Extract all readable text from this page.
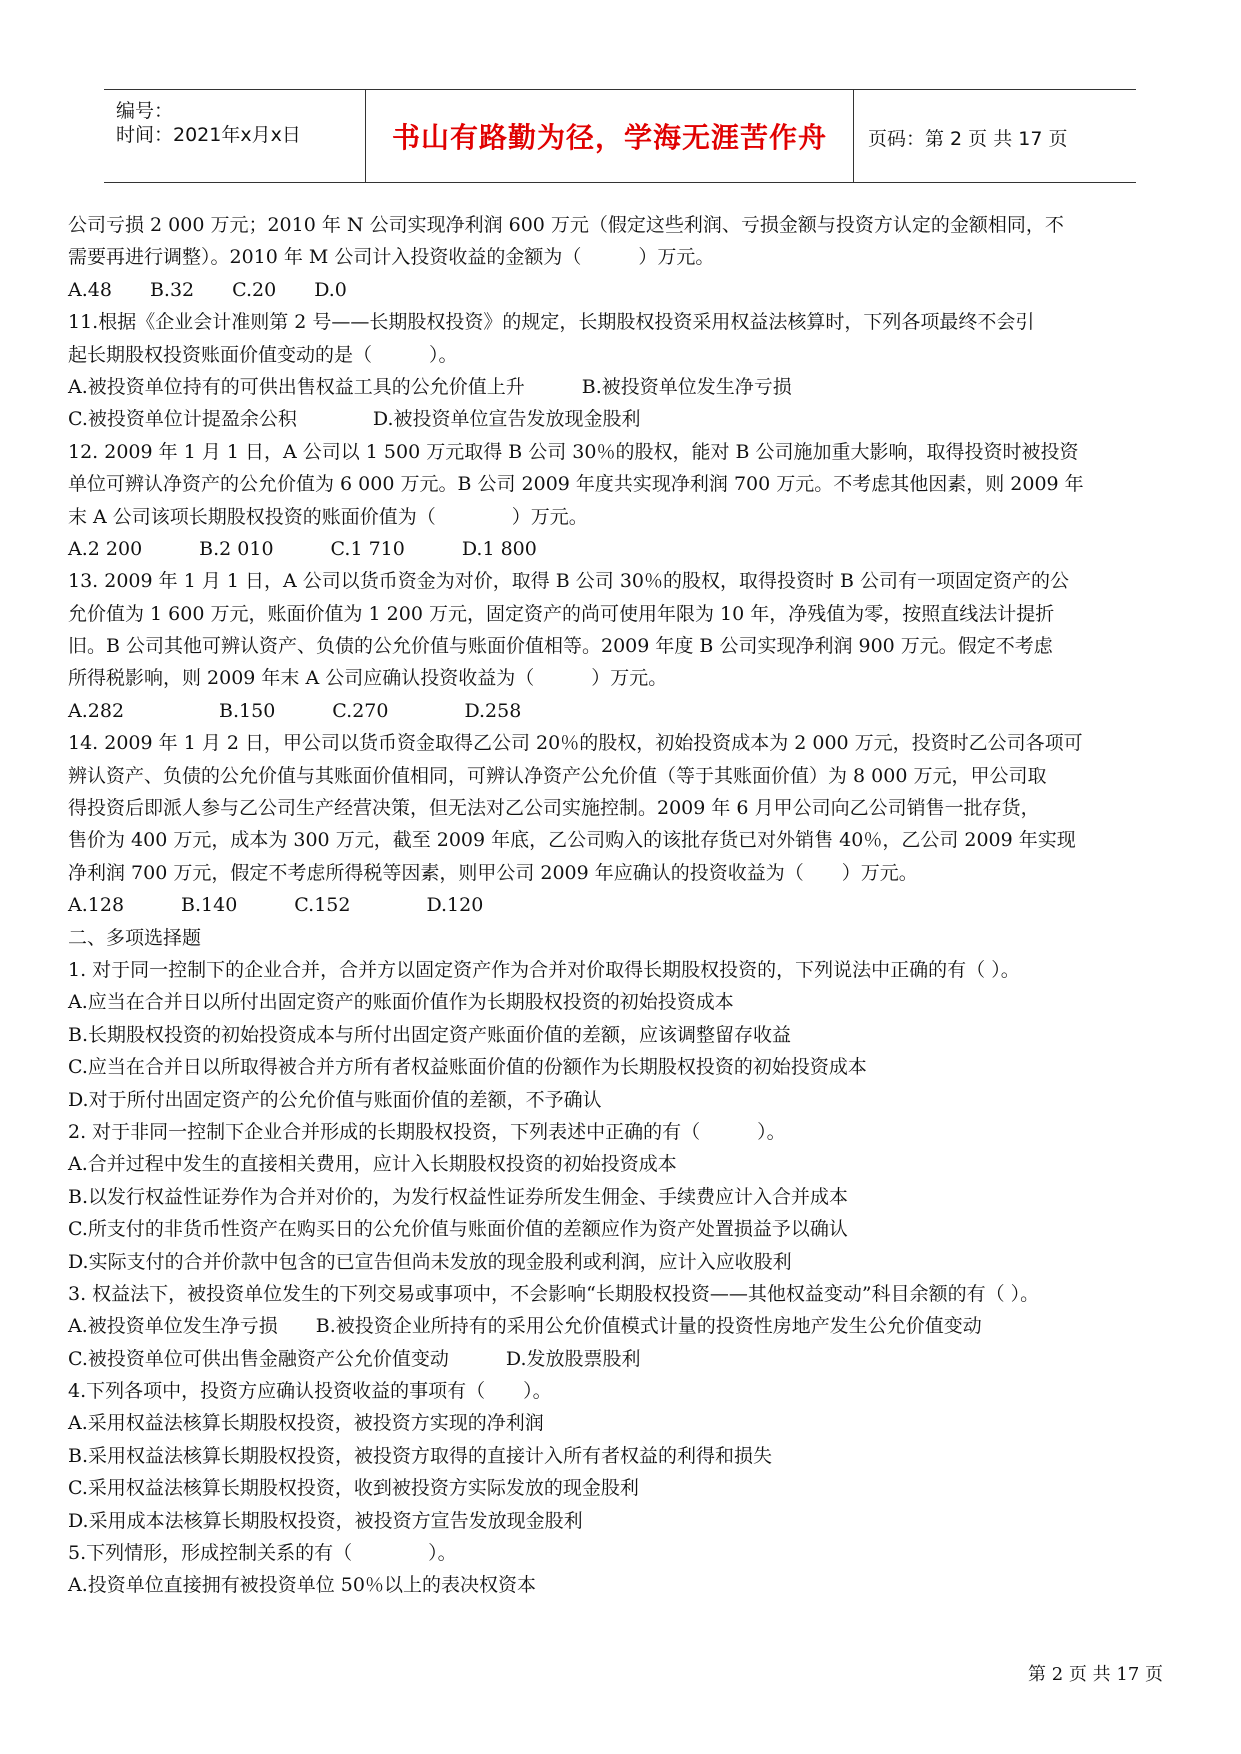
编号：
时间：2021年x月x日	书山有路勤为径，学海无涯苦作舟	页码：第 2 页 共 17 页
公司亏损 2 000 万元；2010 年 N 公司实现净利润 600 万元（假定这些利润、亏损金额与投资方认定的金额相同，不
需要再进行调整）。2010 年 M 公司计入投资收益的金额为（　　　）万元。
A.48　　B.32　　C.20　　D.0
11.根据《企业会计准则第 2 号——长期股权投资》的规定，长期股权投资采用权益法核算时，下列各项最终不会引
起长期股权投资账面价值变动的是（　　　）。
A.被投资单位持有的可供出售权益工具的公允价值上升　　　B.被投资单位发生净亏损
C.被投资单位计提盈余公积　　　　D.被投资单位宣告发放现金股利
12. 2009 年 1 月 1 日，A 公司以 1 500 万元取得 B 公司 30％的股权，能对 B 公司施加重大影响，取得投资时被投资
单位可辨认净资产的公允价值为 6 000 万元。B 公司 2009 年度共实现净利润 700 万元。不考虑其他因素，则 2009 年
末 A 公司该项长期股权投资的账面价值为（　　　　）万元。
A.2 200　　　B.2 010　　　C.1 710　　　D.1 800
13. 2009 年 1 月 1 日，A 公司以货币资金为对价，取得 B 公司 30％的股权，取得投资时 B 公司有一项固定资产的公
允价值为 1 600 万元，账面价值为 1 200 万元，固定资产的尚可使用年限为 10 年，净残值为零，按照直线法计提折
旧。B 公司其他可辨认资产、负债的公允价值与账面价值相等。2009 年度 B 公司实现净利润 900 万元。假定不考虑
所得税影响，则 2009 年末 A 公司应确认投资收益为（　　　）万元。
A.282　　　　　B.150　　　C.270　　　　D.258
14. 2009 年 1 月 2 日，甲公司以货币资金取得乙公司 20％的股权，初始投资成本为 2 000 万元，投资时乙公司各项可
辨认资产、负债的公允价值与其账面价值相同，可辨认净资产公允价值（等于其账面价值）为 8 000 万元，甲公司取
得投资后即派人参与乙公司生产经营决策，但无法对乙公司实施控制。2009 年 6 月甲公司向乙公司销售一批存货，
售价为 400 万元，成本为 300 万元，截至 2009 年底，乙公司购入的该批存货已对外销售 40％，乙公司 2009 年实现
净利润 700 万元，假定不考虑所得税等因素，则甲公司 2009 年应确认的投资收益为（　　）万元。
A.128　　　B.140　　　C.152　　　　D.120
二、多项选择题
1. 对于同一控制下的企业合并，合并方以固定资产作为合并对价取得长期股权投资的，下列说法中正确的有（ ）。
A.应当在合并日以所付出固定资产的账面价值作为长期股权投资的初始投资成本
B.长期股权投资的初始投资成本与所付出固定资产账面价值的差额，应该调整留存收益
C.应当在合并日以所取得被合并方所有者权益账面价值的份额作为长期股权投资的初始投资成本
D.对于所付出固定资产的公允价值与账面价值的差额，不予确认
2. 对于非同一控制下企业合并形成的长期股权投资，下列表述中正确的有（　　　）。
A.合并过程中发生的直接相关费用，应计入长期股权投资的初始投资成本
B.以发行权益性证券作为合并对价的，为发行权益性证券所发生佣金、手续费应计入合并成本
C.所支付的非货币性资产在购买日的公允价值与账面价值的差额应作为资产处置损益予以确认
D.实际支付的合并价款中包含的已宣告但尚未发放的现金股利或利润，应计入应收股利
3. 权益法下，被投资单位发生的下列交易或事项中，不会影响“长期股权投资——其他权益变动”科目余额的有（ ）。
A.被投资单位发生净亏损　　B.被投资企业所持有的采用公允价值模式计量的投资性房地产发生公允价值变动
C.被投资单位可供出售金融资产公允价值变动　　　D.发放股票股利
4.下列各项中，投资方应确认投资收益的事项有（　　）。
A.采用权益法核算长期股权投资，被投资方实现的净利润
B.采用权益法核算长期股权投资，被投资方取得的直接计入所有者权益的利得和损失
C.采用权益法核算长期股权投资，收到被投资方实际发放的现金股利
D.采用成本法核算长期股权投资，被投资方宣告发放现金股利
5.下列情形，形成控制关系的有（　　　　）。
A.投资单位直接拥有被投资单位 50％以上的表决权资本
第 2 页 共 17 页
